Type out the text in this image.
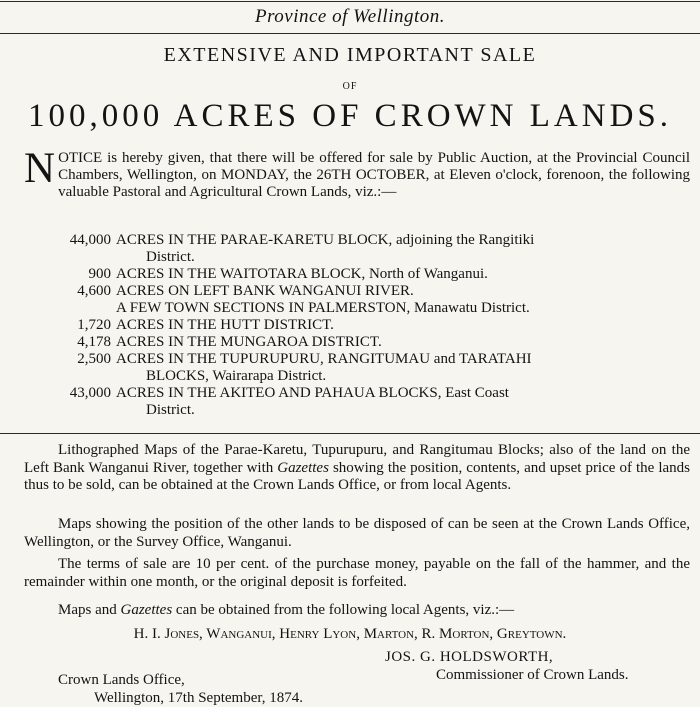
Province of Wellington.
EXTENSIVE AND IMPORTANT SALE
OF
100,000 ACRES OF CROWN LANDS.
NOTICE is hereby given, that there will be offered for sale by Public Auction, at the Provincial Council Chambers, Wellington, on MONDAY, the 26TH OCTOBER, at Eleven o'clock, forenoon, the following valuable Pastoral and Agricultural Crown Lands, viz.:—
44,000 ACRES IN THE PARAE-KARETU BLOCK, adjoining the Rangitiki
District.
900 ACRES IN THE WAITOTARA BLOCK, North of Wanganui.
4,600 ACRES ON LEFT BANK WANGANUI RIVER.
A FEW TOWN SECTIONS IN PALMERSTON, Manawatu District.
1,720 ACRES IN THE HUTT DISTRICT.
4,178 ACRES IN THE MUNGAROA DISTRICT.
2,500 ACRES IN THE TUPURUPURU, RANGITUMAU and TARATAHI
BLOCKS, Wairarapa District.
43,000 ACRES IN THE AKITEO AND PAHAUA BLOCKS, East Coast
District.
Lithographed Maps of the Parae-Karetu, Tupurupuru, and Rangitumau Blocks; also of the land on the Left Bank Wanganui River, together with Gazettes showing the position, contents, and upset price of the lands thus to be sold, can be obtained at the Crown Lands Office, or from local Agents.
Maps showing the position of the other lands to be disposed of can be seen at the Crown Lands Office, Wellington, or the Survey Office, Wanganui.
The terms of sale are 10 per cent. of the purchase money, payable on the fall of the hammer, and the remainder within one month, or the original deposit is forfeited.
Maps and Gazettes can be obtained from the following local Agents, viz.:—
H. I. Jones, Wanganui, Henry Lyon, Marton, R. Morton, Greytown.
JOS. G. HOLDSWORTH,
Commissioner of Crown Lands.
Crown Lands Office,
Wellington, 17th September, 1874.
